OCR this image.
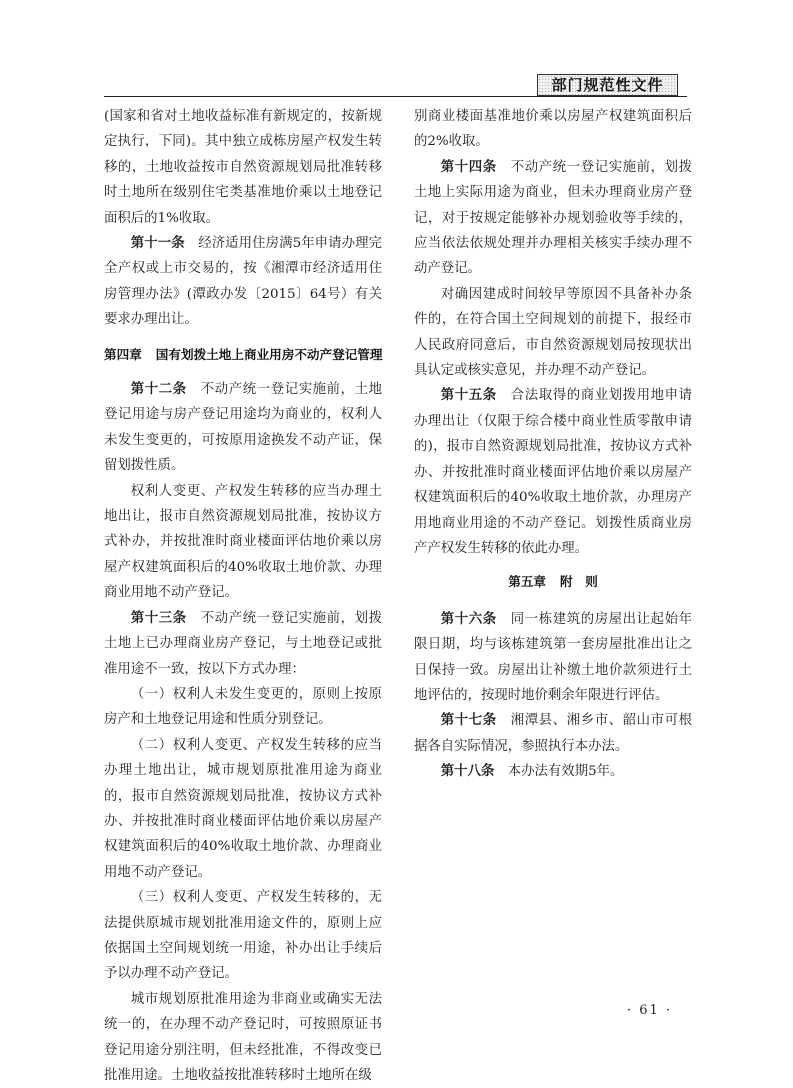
部门规范性文件

(国家和省对土地收益标准有新规定的，按新规定执行，下同)。其中独立成栋房屋产权发生转移的，土地收益按市自然资源规划局批准转移时土地所在级别住宅类基准地价乘以土地登记面积后的1%收取。

第十一条　 经济适用住房满5年申请办理完全产权或上市交易的，按《湘潭市经济适用住房管理办法》(潭政办发〔2015〕64号）有关要求办理出让。

第四章 国有划拨土地上商业用房不动产登记管理

第十二条　 不动产统一登记实施前，土地登记用途与房产登记用途均为商业的，权利人未发生变更的，可按原用途换发不动产证，保留划拨性质。

权利人变更、产权发生转移的应当办理土地出让，报市自然资源规划局批准，按协议方式补办，并按批准时商业楼面评估地价乘以房屋产权建筑面积后的40%收取土地价款、办理商业用地不动产登记。

第十三条　 不动产统一登记实施前，划拨土地上已办理商业房产登记，与土地登记或批准用途不一致，按以下方式办理：

（一）权利人未发生变更的，原则上按原房产和土地登记用途和性质分别登记。

（二）权利人变更、产权发生转移的应当办理土地出让，城市规划原批准用途为商业的，报市自然资源规划局批准，按协议方式补办、并按批准时商业楼面评估地价乘以房屋产权建筑面积后的40%收取土地价款、办理商业用地不动产登记。

（三）权利人变更、产权发生转移的，无法提供原城市规划批准用途文件的，原则上应依据国土空间规划统一用途，补办出让手续后予以办理不动产登记。

城市规划原批准用途为非商业或确实无法统一的，在办理不动产登记时，可按照原证书登记用途分别注明，但未经批准，不得改变已批准用途。土地收益按批准转移时土地所在级

别商业楼面基准地价乘以房屋产权建筑面积后的2%收取。

第十四条　 不动产统一登记实施前，划拨土地上实际用途为商业，但未办理商业房产登记，对于按规定能够补办规划验收等手续的，应当依法依规处理并办理相关核实手续办理不动产登记。

对确因建成时间较早等原因不具备补办条件的，在符合国土空间规划的前提下，报经市人民政府同意后，市自然资源规划局按现状出具认定或核实意见，并办理不动产登记。

第十五条　 合法取得的商业划拨用地申请办理出让（仅限于综合楼中商业性质零散申请的)，报市自然资源规划局批准，按协议方式补办、并按批准时商业楼面评估地价乘以房屋产权建筑面积后的40%收取土地价款，办理房产用地商业用途的不动产登记。划拨性质商业房产产权发生转移的依此办理。

第五章 附　则

第十六条　 同一栋建筑的房屋出让起始年限日期，均与该栋建筑第一套房屋批准出让之日保持一致。房屋出让补缴土地价款须进行土地评估的，按现时地价剩余年限进行评估。

第十七条　 湘潭县、湘乡市、韶山市可根据各自实际情况，参照执行本办法。

第十八条　 本办法有效期5年。

· 61 ·
